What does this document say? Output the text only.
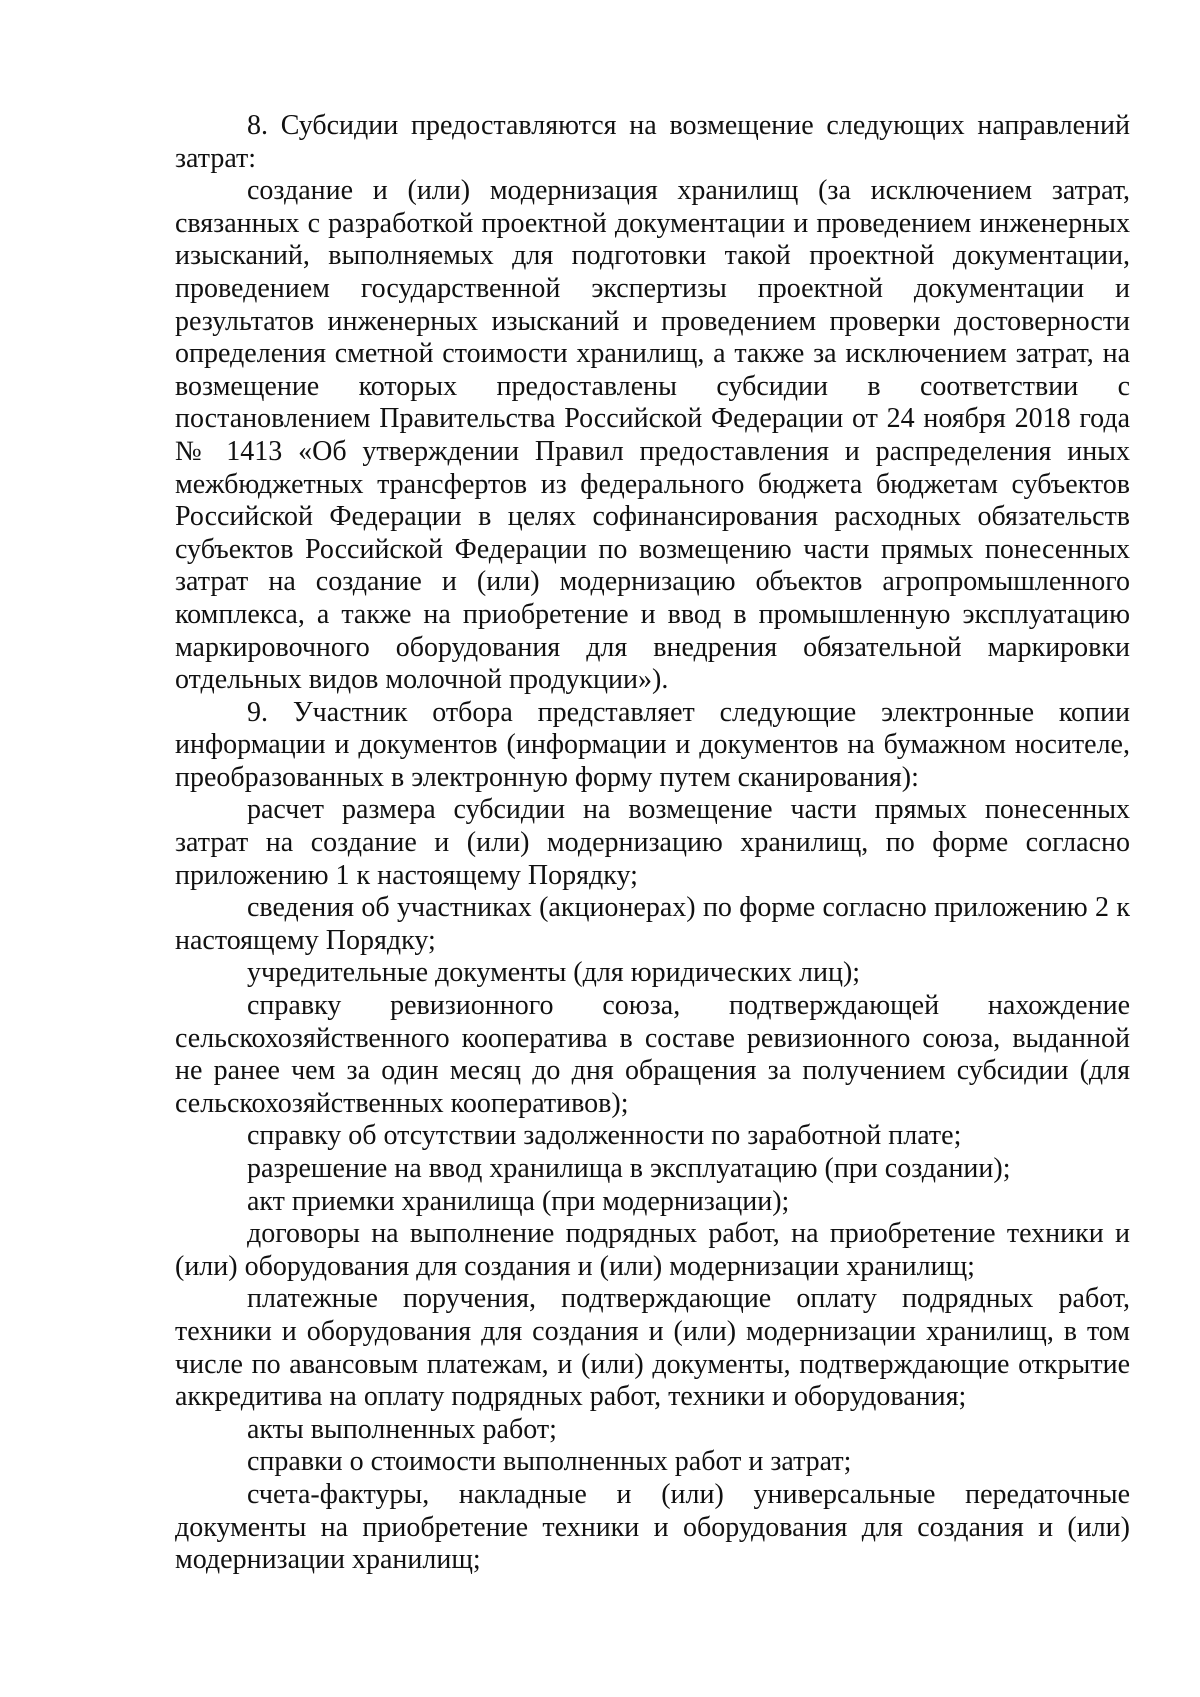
8. Субсидии предоставляются на возмещение следующих направлений затрат:

создание и (или) модернизация хранилищ (за исключением затрат, связанных с разработкой проектной документации и проведением инженерных изысканий, выполняемых для подготовки такой проектной документации, проведением государственной экспертизы проектной документации и результатов инженерных изысканий и проведением проверки достоверности определения сметной стоимости хранилищ, а также за исключением затрат, на возмещение которых предоставлены субсидии в соответствии с постановлением Правительства Российской Федерации от 24 ноября 2018 года № 1413 «Об утверждении Правил предоставления и распределения иных межбюджетных трансфертов из федерального бюджета бюджетам субъектов Российской Федерации в целях софинансирования расходных обязательств субъектов Российской Федерации по возмещению части прямых понесенных затрат на создание и (или) модернизацию объектов агропромышленного комплекса, а также на приобретение и ввод в промышленную эксплуатацию маркировочного оборудования для внедрения обязательной маркировки отдельных видов молочной продукции»).

9. Участник отбора представляет следующие электронные копии информации и документов (информации и документов на бумажном носителе, преобразованных в электронную форму путем сканирования):

расчет размера субсидии на возмещение части прямых понесенных затрат на создание и (или) модернизацию хранилищ, по форме согласно приложению 1 к настоящему Порядку;

сведения об участниках (акционерах) по форме согласно приложению 2 к настоящему Порядку;

учредительные документы (для юридических лиц);

справку ревизионного союза, подтверждающей нахождение сельскохозяйственного кооператива в составе ревизионного союза, выданной не ранее чем за один месяц до дня обращения за получением субсидии (для сельскохозяйственных кооперативов);

справку об отсутствии задолженности по заработной плате;

разрешение на ввод хранилища в эксплуатацию (при создании);

акт приемки хранилища (при модернизации);

договоры на выполнение подрядных работ, на приобретение техники и (или) оборудования для создания и (или) модернизации хранилищ;

платежные поручения, подтверждающие оплату подрядных работ, техники и оборудования для создания и (или) модернизации хранилищ, в том числе по авансовым платежам, и (или) документы, подтверждающие открытие аккредитива на оплату подрядных работ, техники и оборудования;

акты выполненных работ;

справки о стоимости выполненных работ и затрат;

счета-фактуры, накладные и (или) универсальные передаточные документы на приобретение техники и оборудования для создания и (или) модернизации хранилищ;
